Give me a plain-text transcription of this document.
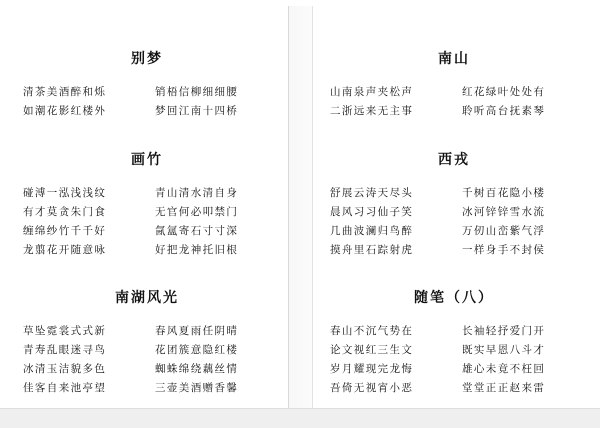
别梦
清茶美酒醉和烁	销梧信柳细细腰
如潮花影红楼外	梦回江南十四桥
画竹
碰溥一泓浅浅纹	青山清水清自身
有才莫贪朱门食	无官何必叩禁门
缠绵纱竹千千好	氤氲寄石寸寸深
龙翦花开随意咏	好把龙神托旧根
南湖风光
草坠霓裳式式新	春风夏雨任阴晴
青寿乱眼迷寻鸟	花团簇意隐红楼
冰清玉洁貌多色	蜘蛛绵绕藕丝情
佳客自来池亭望	三壶美酒赠香馨
南山
山南泉声夹松声	红花绿叶处处有
二浙远来无主事	聆听高台抚素琴
西戎
舒展云涛天尽头	千树百花隐小楼
晨风习习仙子笑	冰河锌锌雪水流
几曲波澜归鸟醉	万仞山峦紫气浮
摸舟里石踪射虎	一样身手不封侯
随笔（八）
春山不沉气势在	长袖轻抒爱门开
论文视红三生文	既实早恩八斗才
岁月耀现完龙悔	雄心未竟不枉回
吾倚无视宵小恶	堂堂正正赵来雷
